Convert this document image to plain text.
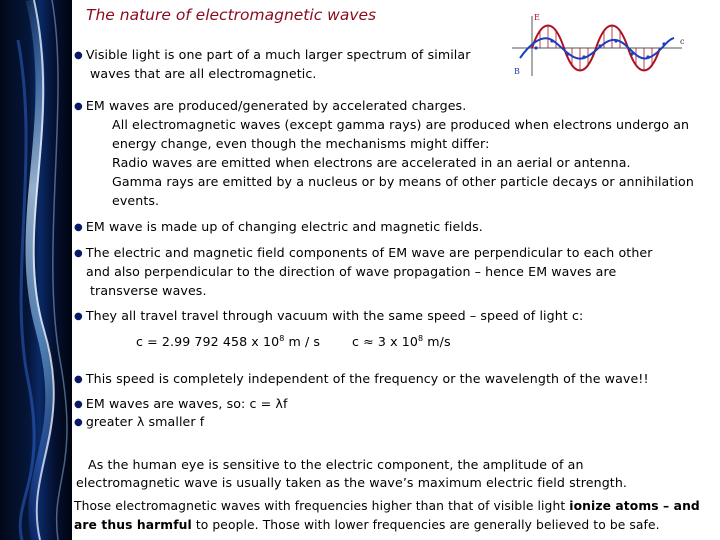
The nature of electromagnetic waves	E
B
c
● Visible light is one part of a much larger spectrum of similar
waves that are all electromagnetic.
● EM waves are produced/generated by accelerated charges.
All electromagnetic waves (except gamma rays) are produced when electrons undergo an
energy change, even though the mechanisms might differ:
Radio waves are emitted when electrons are accelerated in an aerial or antenna.
Gamma rays are emitted by a nucleus or by means of other particle decays or annihilation
events.
● EM wave is made up of changing electric and magnetic fields.
● The electric and magnetic field components of EM wave are perpendicular to each other
and also perpendicular to the direction of wave propagation – hence EM waves are
transverse waves.
● They all travel travel through vacuum with the same speed – speed of light c:
c = 2.99 792 458 x $10^8$ m / s	c ≈ 3 x $10^8$ m/s
● This speed is completely independent of the frequency or the wavelength of the wave!!
● EM waves are waves, so: c = λf
● greater λ smaller f
As the human eye is sensitive to the electric component, the amplitude of an
electromagnetic wave is usually taken as the wave’s maximum electric field strength.
Those electromagnetic waves with frequencies higher than that of visible light ionize atoms – and
are thus harmful to people. Those with lower frequencies are generally believed to be safe.
